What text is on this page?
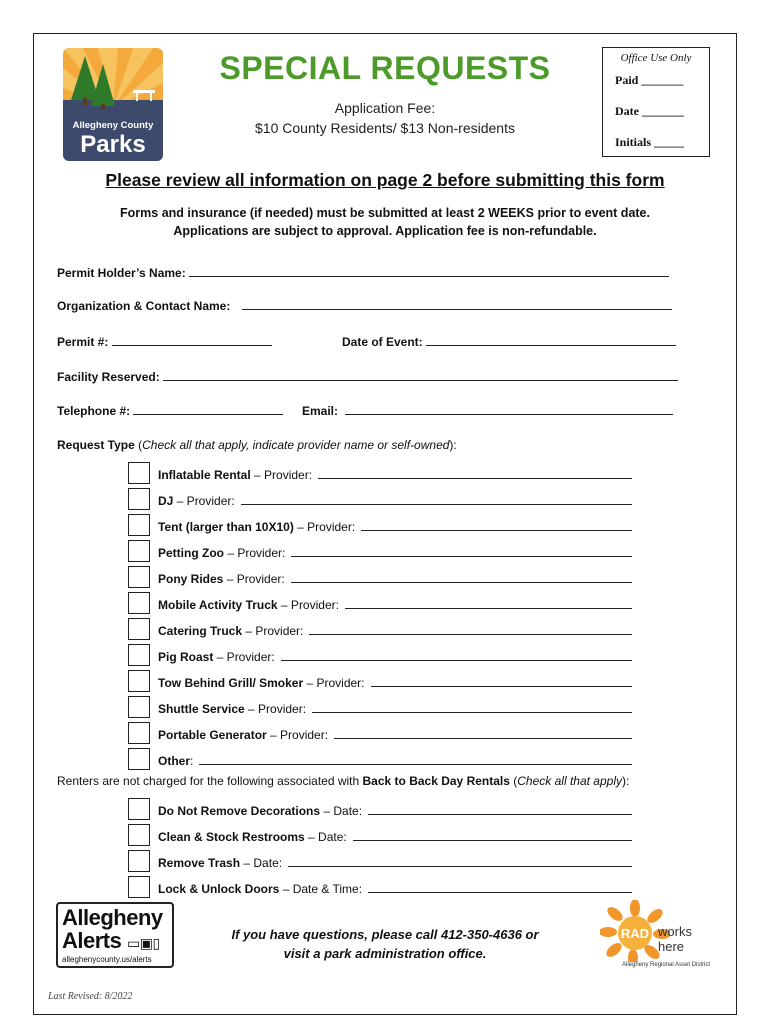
Allegheny County
Parks
SPECIAL REQUESTS
Application Fee:
$10 County Residents/ $13 Non-residents
Office Use Only
Paid _______
Date _______
Initials _____
Please review all information on page 2 before submitting this form
Forms and insurance (if needed) must be submitted at least 2 WEEKS prior to event date.
Applications are subject to approval. Application fee is non-refundable.
Permit Holder’s Name:
Organization & Contact Name:
Permit #:	Date of Event:
Facility Reserved:
Telephone #:	Email:
Request Type (Check all that apply, indicate provider name or self-owned):
Inflatable Rental – Provider:
DJ – Provider:
Tent (larger than 10X10) – Provider:
Petting Zoo – Provider:
Pony Rides – Provider:
Mobile Activity Truck – Provider:
Catering Truck – Provider:
Pig Roast – Provider:
Tow Behind Grill/ Smoker – Provider:
Shuttle Service – Provider:
Portable Generator – Provider:
Other:
Renters are not charged for the following associated with Back to Back Day Rentals (Check all that apply):
Do Not Remove Decorations – Date:
Clean & Stock Restrooms – Date:
Remove Trash – Date:
Lock & Unlock Doors – Date & Time:
Allegheny
Alerts ▭▣▯
alleghenycounty.us/alerts
If you have questions, please call 412-350-4636 or
visit a park administration office.
RAD works here
Allegheny Regional Asset District
Last Revised: 8/2022
